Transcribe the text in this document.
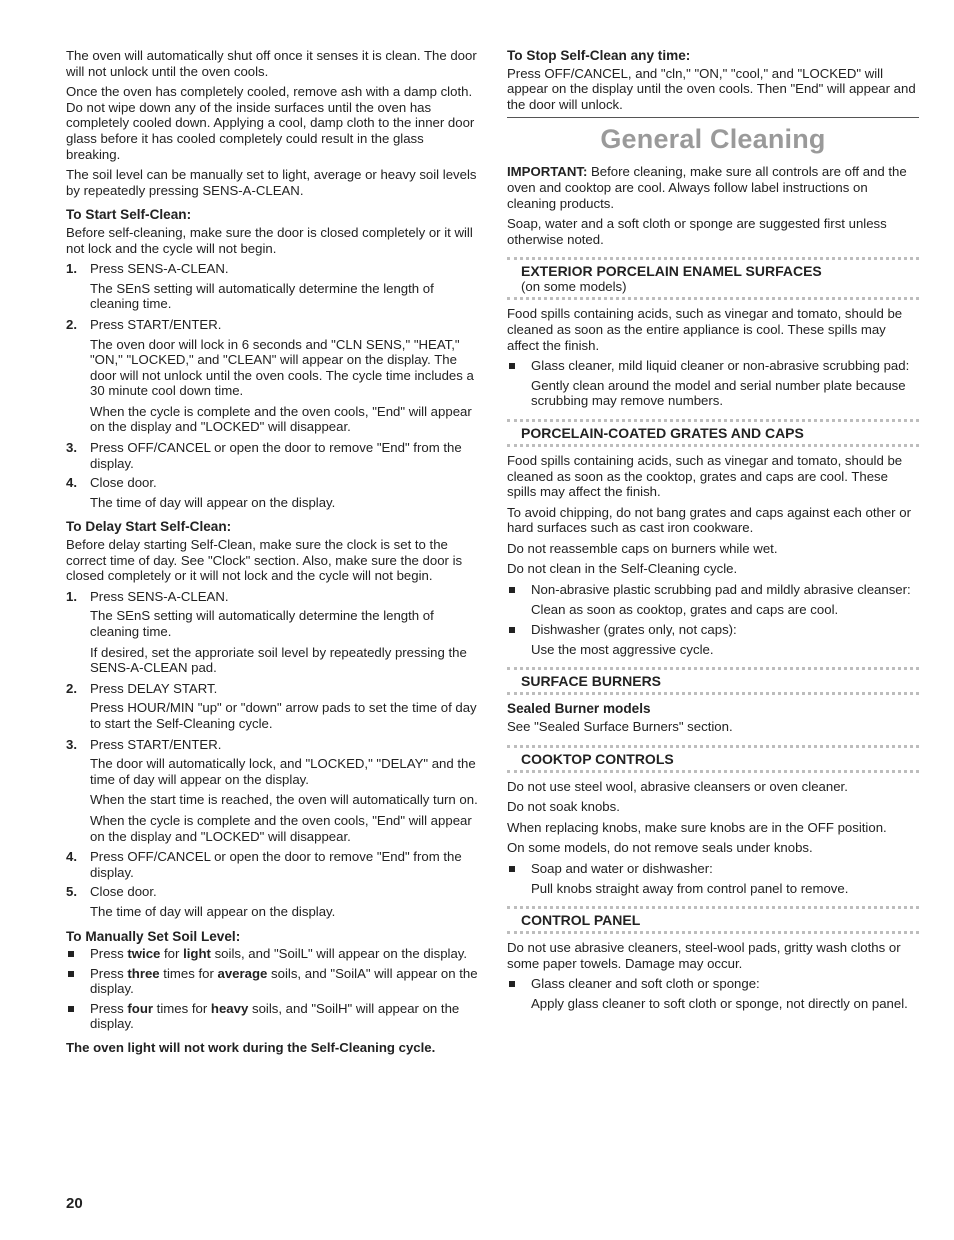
The oven will automatically shut off once it senses it is clean. The door will not unlock until the oven cools.

Once the oven has completely cooled, remove ash with a damp cloth. Do not wipe down any of the inside surfaces until the oven has completely cooled down. Applying a cool, damp cloth to the inner door glass before it has cooled completely could result in the glass breaking.

The soil level can be manually set to light, average or heavy soil levels by repeatedly pressing SENS-A-CLEAN.

To Start Self-Clean:

Before self-cleaning, make sure the door is closed completely or it will not lock and the cycle will not begin.

1. Press SENS-A-CLEAN.

The SEnS setting will automatically determine the length of cleaning time.

2. Press START/ENTER.

The oven door will lock in 6 seconds and "CLN SENS," "HEAT," "ON," "LOCKED," and "CLEAN" will appear on the display. The door will not unlock until the oven cools. The cycle time includes a 30 minute cool down time.

When the cycle is complete and the oven cools, "End" will appear on the display and "LOCKED" will disappear.

3. Press OFF/CANCEL or open the door to remove "End" from the display.
4. Close door.

The time of day will appear on the display.

To Delay Start Self-Clean:

Before delay starting Self-Clean, make sure the clock is set to the correct time of day. See "Clock" section. Also, make sure the door is closed completely or it will not lock and the cycle will not begin.

1. Press SENS-A-CLEAN.

The SEnS setting will automatically determine the length of cleaning time.

If desired, set the approriate soil level by repeatedly pressing the SENS-A-CLEAN pad.

2. Press DELAY START.

Press HOUR/MIN "up" or "down" arrow pads to set the time of day to start the Self-Cleaning cycle.

3. Press START/ENTER.

The door will automatically lock, and "LOCKED," "DELAY" and the time of day will appear on the display.

When the start time is reached, the oven will automatically turn on.

When the cycle is complete and the oven cools, "End" will appear on the display and "LOCKED" will disappear.

4. Press OFF/CANCEL or open the door to remove "End" from the display.
5. Close door.

The time of day will appear on the display.

To Manually Set Soil Level:
Press twice for light soils, and "SoilL" will appear on the display.
Press three times for average soils, and "SoilA" will appear on the display.
Press four times for heavy soils, and "SoilH" will appear on the display.
The oven light will not work during the Self-Cleaning cycle.
To Stop Self-Clean any time:

Press OFF/CANCEL, and "cln," "ON," "cool," and "LOCKED" will appear on the display until the oven cools. Then "End" will appear and the door will unlock.

General Cleaning

IMPORTANT: Before cleaning, make sure all controls are off and the oven and cooktop are cool. Always follow label instructions on cleaning products.

Soap, water and a soft cloth or sponge are suggested first unless otherwise noted.

EXTERIOR PORCELAIN ENAMEL SURFACES
(on some models)

Food spills containing acids, such as vinegar and tomato, should be cleaned as soon as the entire appliance is cool. These spills may affect the finish.

Glass cleaner, mild liquid cleaner or non-abrasive scrubbing pad:

Gently clean around the model and serial number plate because scrubbing may remove numbers.

PORCELAIN-COATED GRATES AND CAPS

Food spills containing acids, such as vinegar and tomato, should be cleaned as soon as the cooktop, grates and caps are cool. These spills may affect the finish.

To avoid chipping, do not bang grates and caps against each other or hard surfaces such as cast iron cookware.

Do not reassemble caps on burners while wet.

Do not clean in the Self-Cleaning cycle.

Non-abrasive plastic scrubbing pad and mildly abrasive cleanser:

Clean as soon as cooktop, grates and caps are cool.

Dishwasher (grates only, not caps):

Use the most aggressive cycle.

SURFACE BURNERS
Sealed Burner models

See "Sealed Surface Burners" section.

COOKTOP CONTROLS

Do not use steel wool, abrasive cleansers or oven cleaner.

Do not soak knobs.

When replacing knobs, make sure knobs are in the OFF position.

On some models, do not remove seals under knobs.

Soap and water or dishwasher:

Pull knobs straight away from control panel to remove.

CONTROL PANEL

Do not use abrasive cleaners, steel-wool pads, gritty wash cloths or some paper towels. Damage may occur.

Glass cleaner and soft cloth or sponge:

Apply glass cleaner to soft cloth or sponge, not directly on panel.

20
